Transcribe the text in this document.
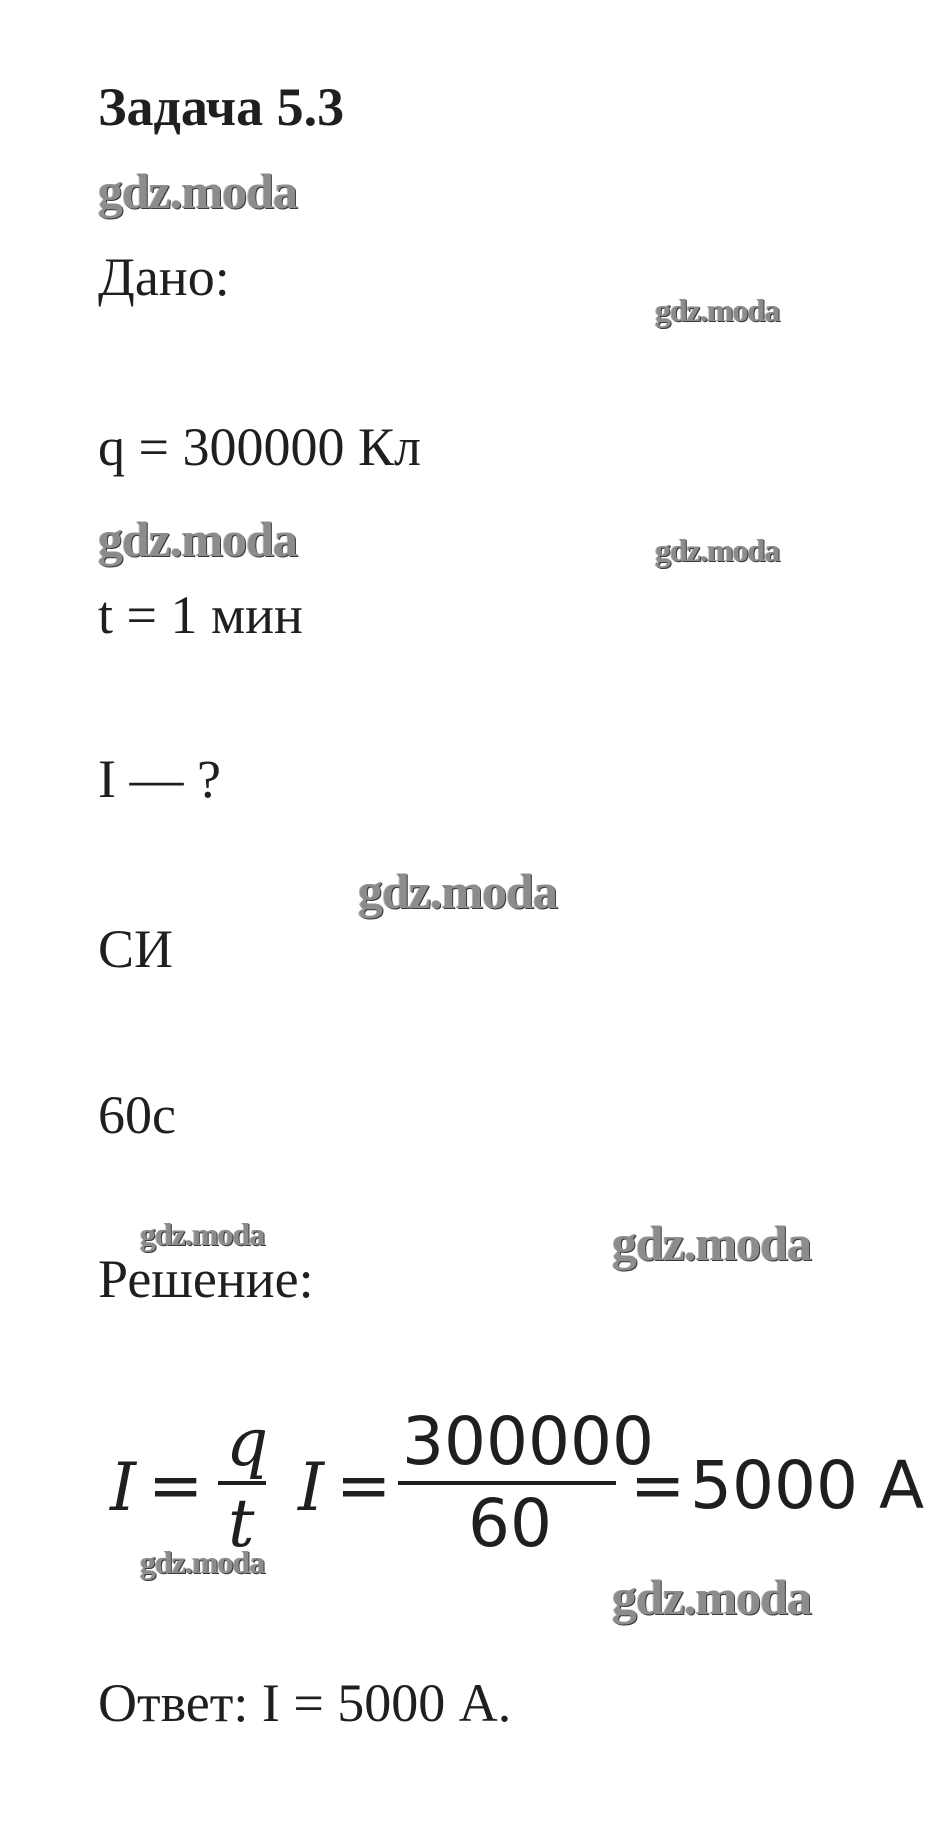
Задача 5.3
Дано:
q = 300000 Кл
t = 1 мин
I — ?
СИ
60с
Решение:
I =
q
t I =
300000
60 = 5000 A
Ответ: I = 5000 А.
gdz.moda
gdz.moda
gdz.moda	gdz.moda
gdz.moda
gdz.moda	gdz.moda
gdz.moda
gdz.moda
